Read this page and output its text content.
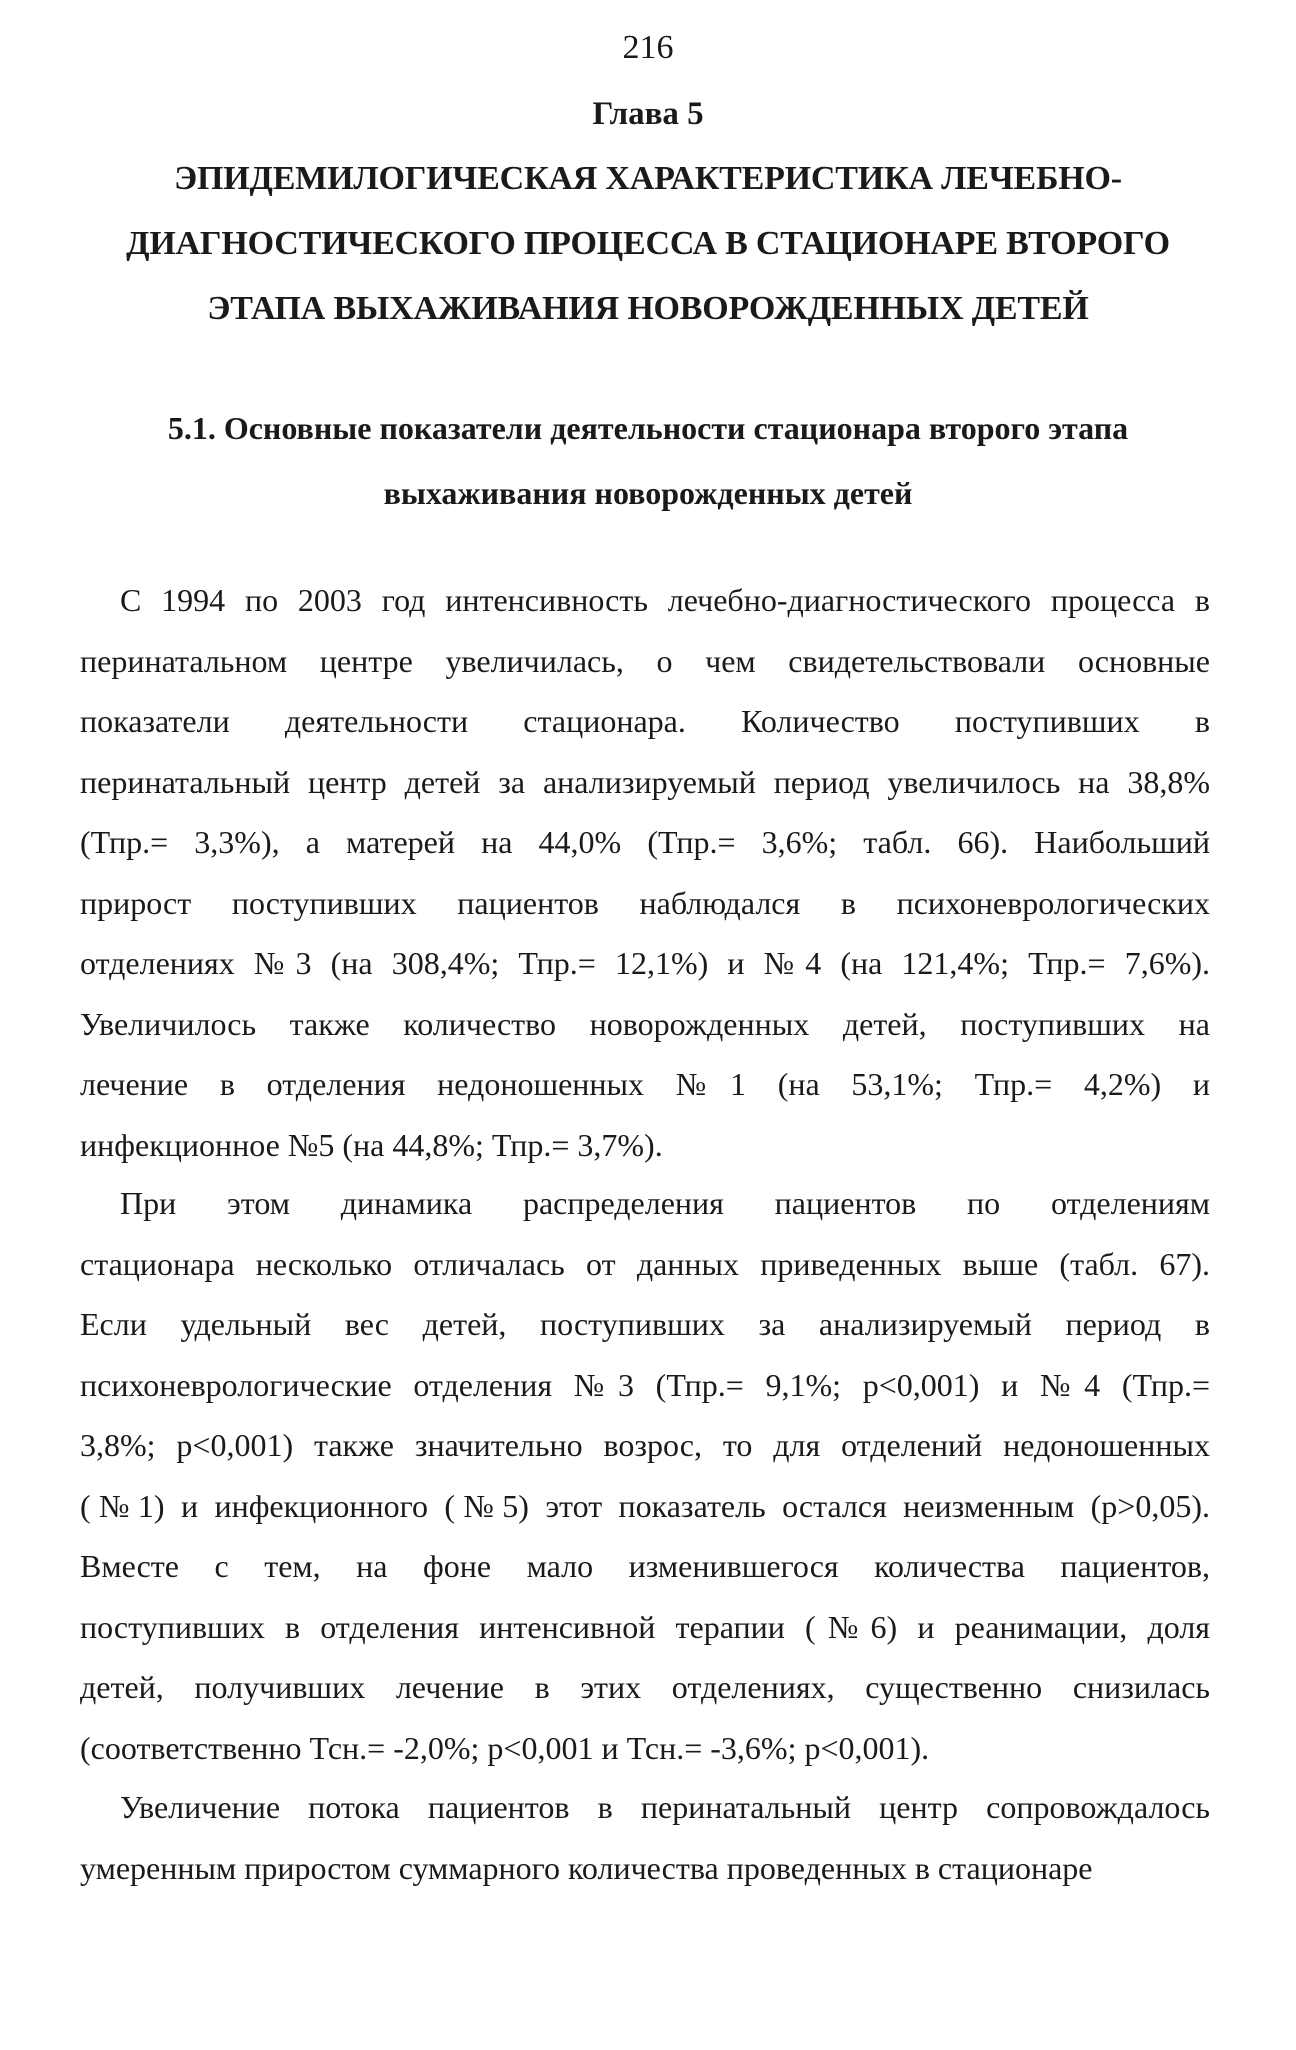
216
Глава 5
ЭПИДЕМИЛОГИЧЕСКАЯ ХАРАКТЕРИСТИКА ЛЕЧЕБНО-
ДИАГНОСТИЧЕСКОГО ПРОЦЕССА В СТАЦИОНАРЕ ВТОРОГО
ЭТАПА ВЫХАЖИВАНИЯ НОВОРОЖДЕННЫХ ДЕТЕЙ
5.1. Основные показатели деятельности стационара второго этапа
выхаживания новорожденных детей
С 1994 по 2003 год интенсивность лечебно-диагностического процесса в
перинатальном центре увеличилась, о чем свидетельствовали основные
показатели деятельности стационара. Количество поступивших в
перинатальный центр детей за анализируемый период увеличилось на 38,8%
(Тпр.= 3,3%), а матерей на 44,0% (Тпр.= 3,6%; табл. 66). Наибольший
прирост поступивших пациентов наблюдался в психоневрологических
отделениях №3 (на 308,4%; Тпр.= 12,1%) и №4 (на 121,4%; Тпр.= 7,6%).
Увеличилось также количество новорожденных детей, поступивших на
лечение в отделения недоношенных №1 (на 53,1%; Тпр.= 4,2%) и
инфекционное №5 (на 44,8%; Тпр.= 3,7%).
При этом динамика распределения пациентов по отделениям
стационара несколько отличалась от данных приведенных выше (табл. 67).
Если удельный вес детей, поступивших за анализируемый период в
психоневрологические отделения №3 (Тпр.= 9,1%; p<0,001) и №4 (Тпр.=
3,8%; p<0,001) также значительно возрос, то для отделений недоношенных
(№1) и инфекционного (№5) этот показатель остался неизменным (p>0,05).
Вместе с тем, на фоне мало изменившегося количества пациентов,
поступивших в отделения интенсивной терапии (№6) и реанимации, доля
детей, получивших лечение в этих отделениях, существенно снизилась
(соответственно Тсн.= -2,0%; p<0,001 и Тсн.= -3,6%; p<0,001).
Увеличение потока пациентов в перинатальный центр сопровождалось
умеренным приростом суммарного количества проведенных в стационаре
